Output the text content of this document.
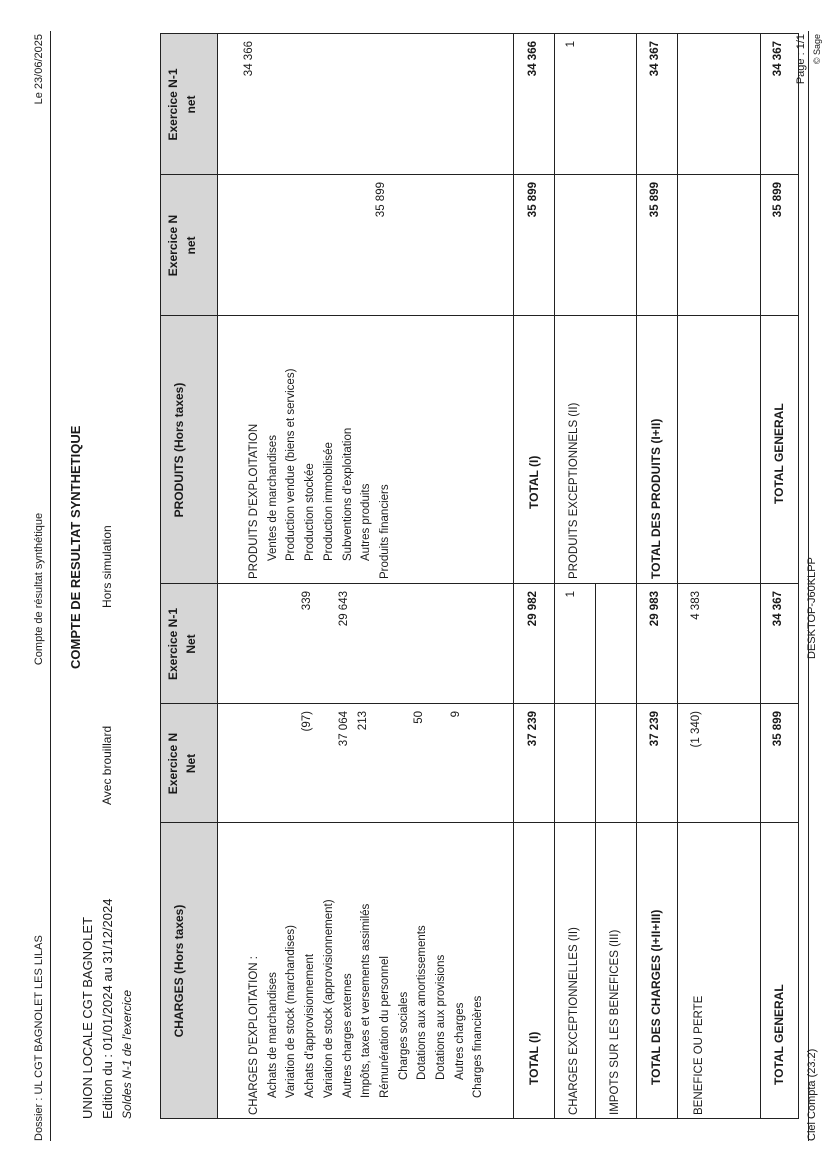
Dossier : UL CGT BAGNOLET LES LILAS
Compte de résultat synthétique
Le 23/06/2025
UNION LOCALE CGT BAGNOLET Edition du : 01/01/2024 au 31/12/2024 Soldes N-1 de l'exercice
COMPTE DE RESULTAT SYNTHETIQUE
Avec brouillard
Hors simulation
CHARGES (Hors taxes)
Exercice N Net
Exercice N-1 Net
PRODUITS (Hors taxes)
Exercice N net
Exercice N-1 net
CHARGES D'EXPLOITATION : Achats de marchandises Variation de stock (marchandises) Achats d'approvisionnement Variation de stock (approvisionnement) Autres charges externes Impôts, taxes et versements assimilés Rémunération du personnel Charges sociales Dotations aux amortissements Dotations aux provisions Autres charges Charges financières
(97) 37 064 213	50 9
339 29 643
PRODUITS D'EXPLOITATION Ventes de marchandises Production vendue (biens et services) Production stockée Production immobilisée Subventions d'exploitation Autres produits Produits financiers
35 899
34 366
TOTAL (I)
37 239
29 982
TOTAL (I)
35 899
34 366
CHARGES EXCEPTIONNELLES (II)
1
PRODUITS EXCEPTIONNELS (II)
1
IMPOTS SUR LES BENEFICES (III)	TOTAL DES CHARGES (I+II+III)
37 239
29 983
TOTAL DES PRODUITS (I+II)
35 899
34 367
BENEFICE OU PERTE
(1 340)
4 383
TOTAL GENERAL
35 899
34 367
TOTAL GENERAL
35 899
34 367
Ciel Compta (23.2)
DESKTOP-J60KLPP
Page : 1/1 © Sage
